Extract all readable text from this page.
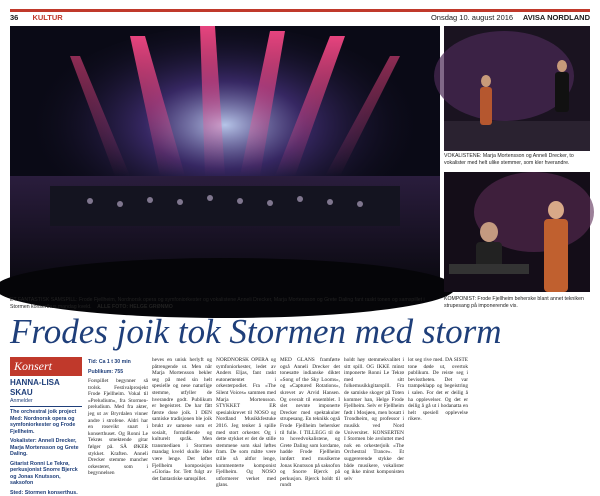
36 KULTUR	Onsdag 10. august 2016 AVISA NORDLAND
ET FANTASTISK SAMSPILL: Frode Fjellheim, Nordnorsk opera og symfoniorkester og vokalistene Anneli Drecker, Marja Mortensson og Grete Daling fant raskt tonen og samspillet i Stormen konserthus mandag kveld. ALLE FOTO: HELGE GRØNMO
VOKALISTENE: Marja Mortensson og Anneli Drecker, to vokalister med helt ulike stemmer, som kler hverandre.
KOMPONIST: Frode Fjellheim beherske blant annet tekniken strupesang på imponerende vis.
Frodes joik tok Stormen med storm
Konsert
HANNA-LISA SKAU
Anmelder
The orchestral joik project Med: Nordnorsk opera og symfoniorkester og Frode Fjellheim.
Vokalister: Anneli Drecker, Marja Mortensson og Grete Daling.
Gitarist Ronni Le Tekrø, perkusjonist Snorre Bjerck og Jonas Knutsson, saksofon
Sted: Stormen konserthus.
Tid: Ca 1 t 30 min
Publikum: 755
Forspillet begynner så trolsk. Festivalprosjekt Frode Fjellheim. Vokal til «Preludium», fra Stormen-preludium. Med fra akter, jeg ut av Bryrdalen vinner andre i strofene. Aldri har en rosevikt snart i konserthuset. Og Ronni Le Tekrøs smektende gitar følger på. SÅ ØKER stykket. Kraften. Anneli Drecker stemme mancher orkesteret, som i begynnelsen
heves en unisk herlyft og påtrengende ut. Men når Marja Mortensson bekler seg på med sin helt spesielle og nese naturlige stemme, utfyller de hverandre godt. Publikum er begeistret. De har fått første dose joik. I DEN samiske tradisjonen ble joik brukt av samene som et sosialt, formidlende og kulturelt språk. Men transmediaen i Stormen mandag kveld skulle ikke være lenge. Det løftet Fjellheim komposisjon «Gloria» for. Tett fulgt av det fantastiske samspillet.
NORDNORSK OPERA og symfoniorkester, ledet av Anders Eljas, fant raskt eutonementet i orkesterpodiet. Fra «The Silent Voices» sammen med Marja Mortensson. STYKKET ER spesialskrevet til NOSO og Nordland Musikkfestuke 2016. Jeg tenker å spille med stort orkester. Og i dette stykket er det de stille stemmene som skal løftes fram. De som måtte være stille så altfor lenge, kommenterte komponist Fjellheim. Og NOSO utformerer verket med glans.
MED GLANS framførte også Anneli Drecker det tonesatte indianske diktet «Song of the Sky Looms», og «Captured Rotations», skrevet av Arvid Hansen. Og overalt til ensemblet. I slet nevnte imponerte Drecker med spektakulær strupesang. En teknikk også Frode Fjellheim behersker til fulle. I TILLEGG til de to hovedvokalistene, og Grete Daling som kordame, hadde Frode Fjellheim innført med musikerne Jonas Knutsson på saksofon og Snorre Bjerck på perkusjon. Bjerck holdt til rundt
holdt høy stemmekvalitet i sitt spill. OG IKKE minst imponerte Ronni Le Tekrø med sitt folkemusikkgitarspill. Fra de samiske skoger på Toten kommer han, Helge Frode Fjellheim. Selv er Fjellheim født i Mosjøen, men bosatt i Trondheim, og professor i musikk ved Nord Universitet. KONSERTEN I Stormen ble avsluttet med nok en orkesterjoik «The Orchestral Trance». Et suggererende stykke der både musikere, vokalister og ikke minst komponisten selv
lot seg rive med. DA SISTE tone døde ut, overtok publikum. De reiste seg i bevisstheten. Det var trampeklapp og begeistring i salen. For det er deilig å ha opplevelser. Og det er deilig å gå ut i hodanatta en helt spesiell opplevelse rikere.
